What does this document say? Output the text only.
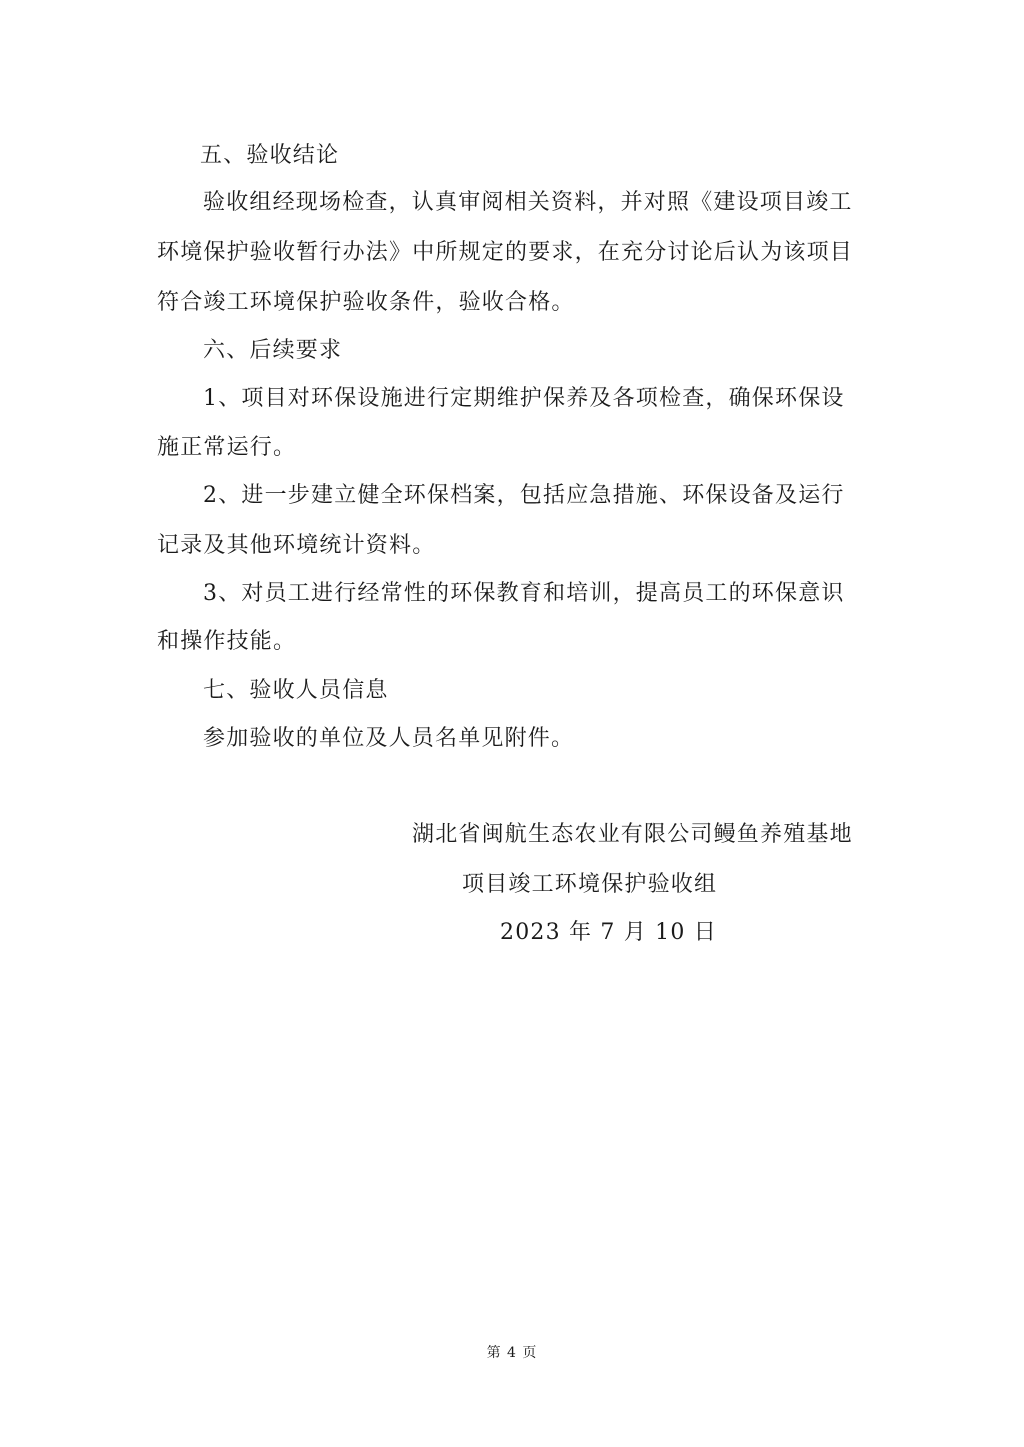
五、验收结论
验收组经现场检查，认真审阅相关资料，并对照《建设项目竣工
环境保护验收暂行办法》中所规定的要求，在充分讨论后认为该项目
符合竣工环境保护验收条件，验收合格。
六、后续要求
1、项目对环保设施进行定期维护保养及各项检查，确保环保设
施正常运行。
2、进一步建立健全环保档案，包括应急措施、环保设备及运行
记录及其他环境统计资料。
3、对员工进行经常性的环保教育和培训，提高员工的环保意识
和操作技能。
七、验收人员信息
参加验收的单位及人员名单见附件。
湖北省闽航生态农业有限公司鳗鱼养殖基地
项目竣工环境保护验收组
2023 年 7 月 10 日
第 4 页
